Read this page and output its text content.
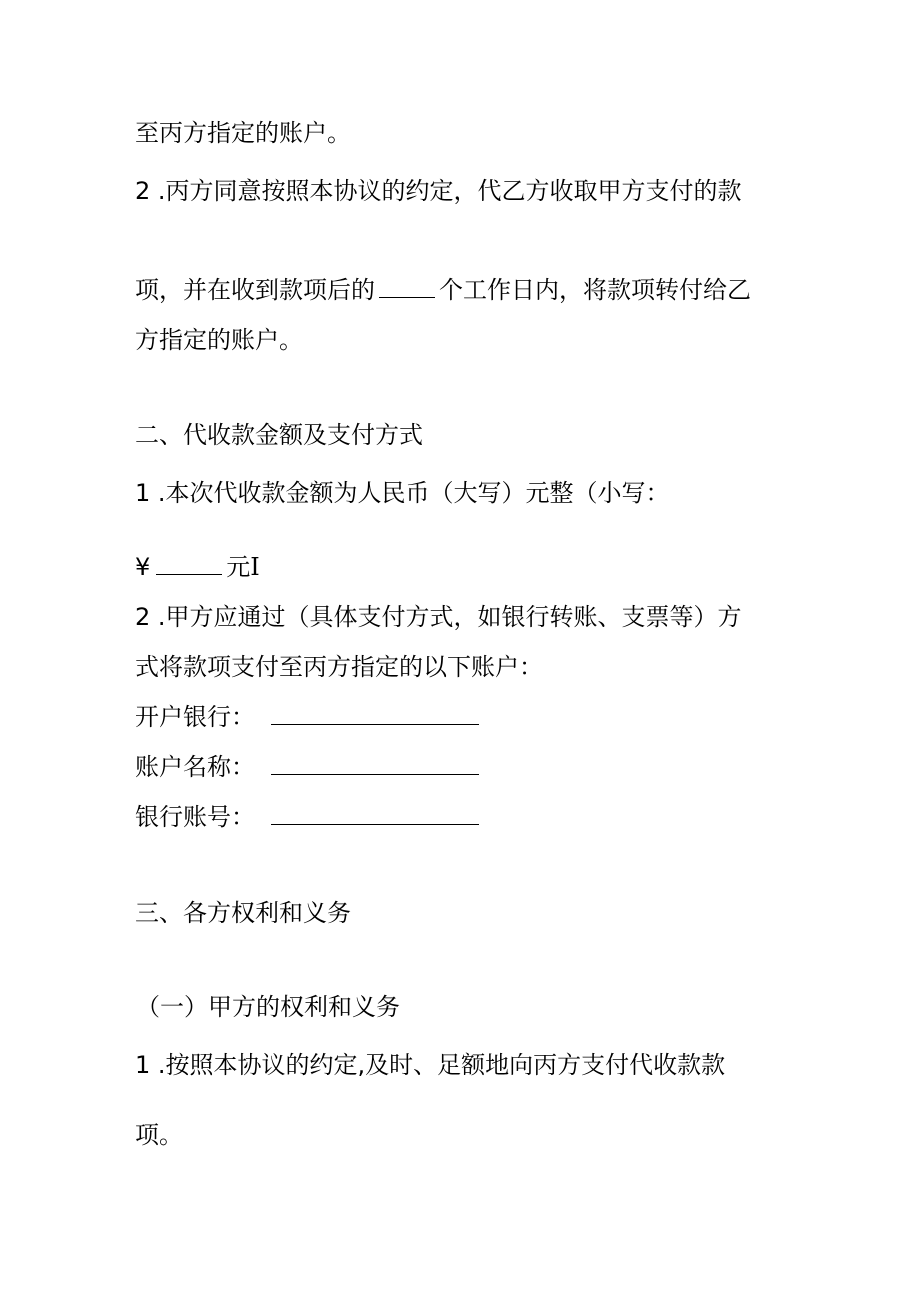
至丙方指定的账户。

2 .丙方同意按照本协议的约定，代乙方收取甲方支付的款

项，并在收到款项后的	个工作日内，将款项转付给乙

方指定的账户。

二、代收款金额及支付方式

1 .本次代收款金额为人民币（大写）元整（小写：

¥	元I

2 .甲方应通过（具体支付方式，如银行转账、支票等）方

式将款项支付至丙方指定的以下账户：

开户银行：

账户名称：

银行账号：

三、各方权利和义务

（一）甲方的权利和义务

1 .按照本协议的约定,及时、足额地向丙方支付代收款款

项。
